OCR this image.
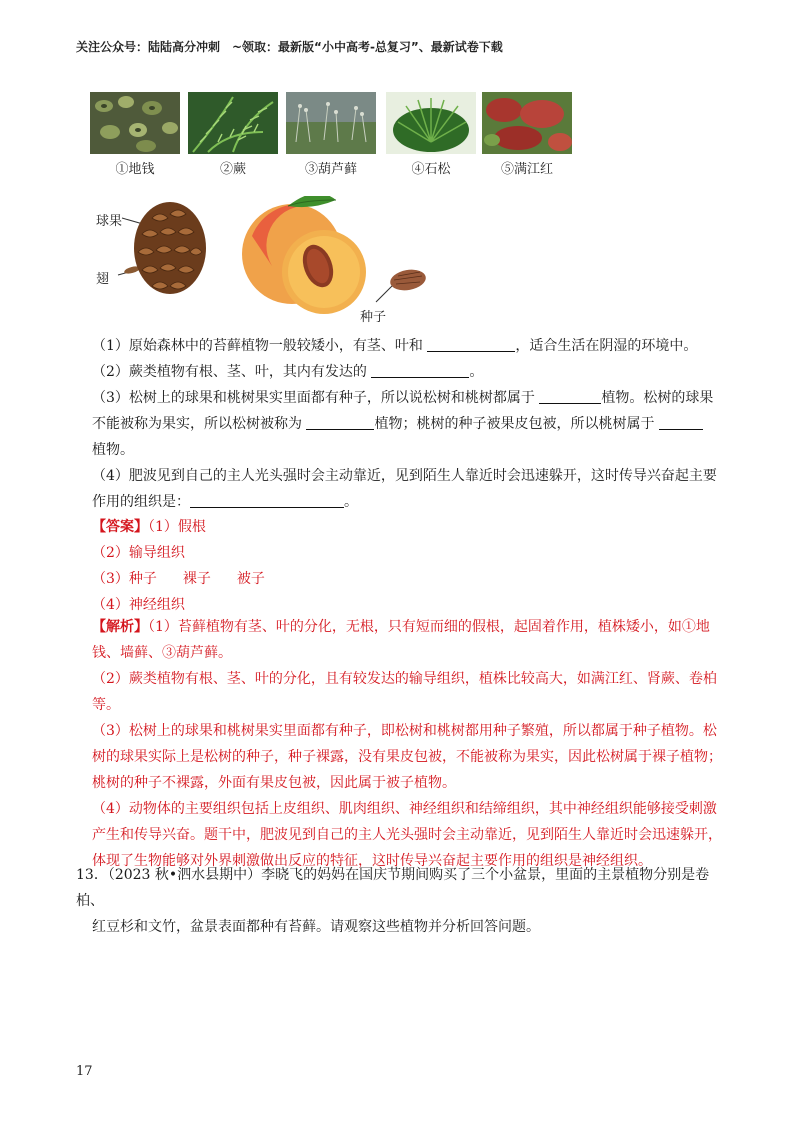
关注公众号：陆陆高分冲刺　~领取：最新版“小中高考-总复习”、最新试卷下载
①地钱	②蕨	③葫芦藓	④石松	⑤满江红
球果
翅
种子
（1）原始森林中的苔藓植物一般较矮小，有茎、叶和	，适合生活在阴湿的环境中。
（2）蕨类植物有根、茎、叶，其内有发达的	。
（3）松树上的球果和桃树果实里面都有种子，所以说松树和桃树都属于	植物。松树的球果
不能被称为果实，所以松树被称为	植物；桃树的种子被果皮包被，所以桃树属于
植物。
（4）肥波见到自己的主人光头强时会主动靠近，见到陌生人靠近时会迅速躲开，这时传导兴奋起主要
作用的组织是：	。
【答案】（1）假根
（2）输导组织
（3）种子 裸子 被子
（4）神经组织
【解析】（1）苔藓植物有茎、叶的分化，无根，只有短而细的假根，起固着作用，植株矮小，如①地
钱、墙藓、③葫芦藓。
（2）蕨类植物有根、茎、叶的分化，且有较发达的输导组织，植株比较高大，如满江红、肾蕨、卷柏
等。
（3）松树上的球果和桃树果实里面都有种子，即松树和桃树都用种子繁殖，所以都属于种子植物。松
树的球果实际上是松树的种子，种子裸露，没有果皮包被，不能被称为果实，因此松树属于裸子植物；
桃树的种子不裸露，外面有果皮包被，因此属于被子植物。
（4）动物体的主要组织包括上皮组织、肌肉组织、神经组织和结缔组织，其中神经组织能够接受刺激
产生和传导兴奋。题干中，肥波见到自己的主人光头强时会主动靠近，见到陌生人靠近时会迅速躲开，
体现了生物能够对外界刺激做出反应的特征，这时传导兴奋起主要作用的组织是神经组织。
13．（2023 秋•泗水县期中）李晓飞的妈妈在国庆节期间购买了三个小盆景，里面的主景植物分别是卷柏、
红豆杉和文竹，盆景表面都种有苔藓。请观察这些植物并分析回答问题。
17
